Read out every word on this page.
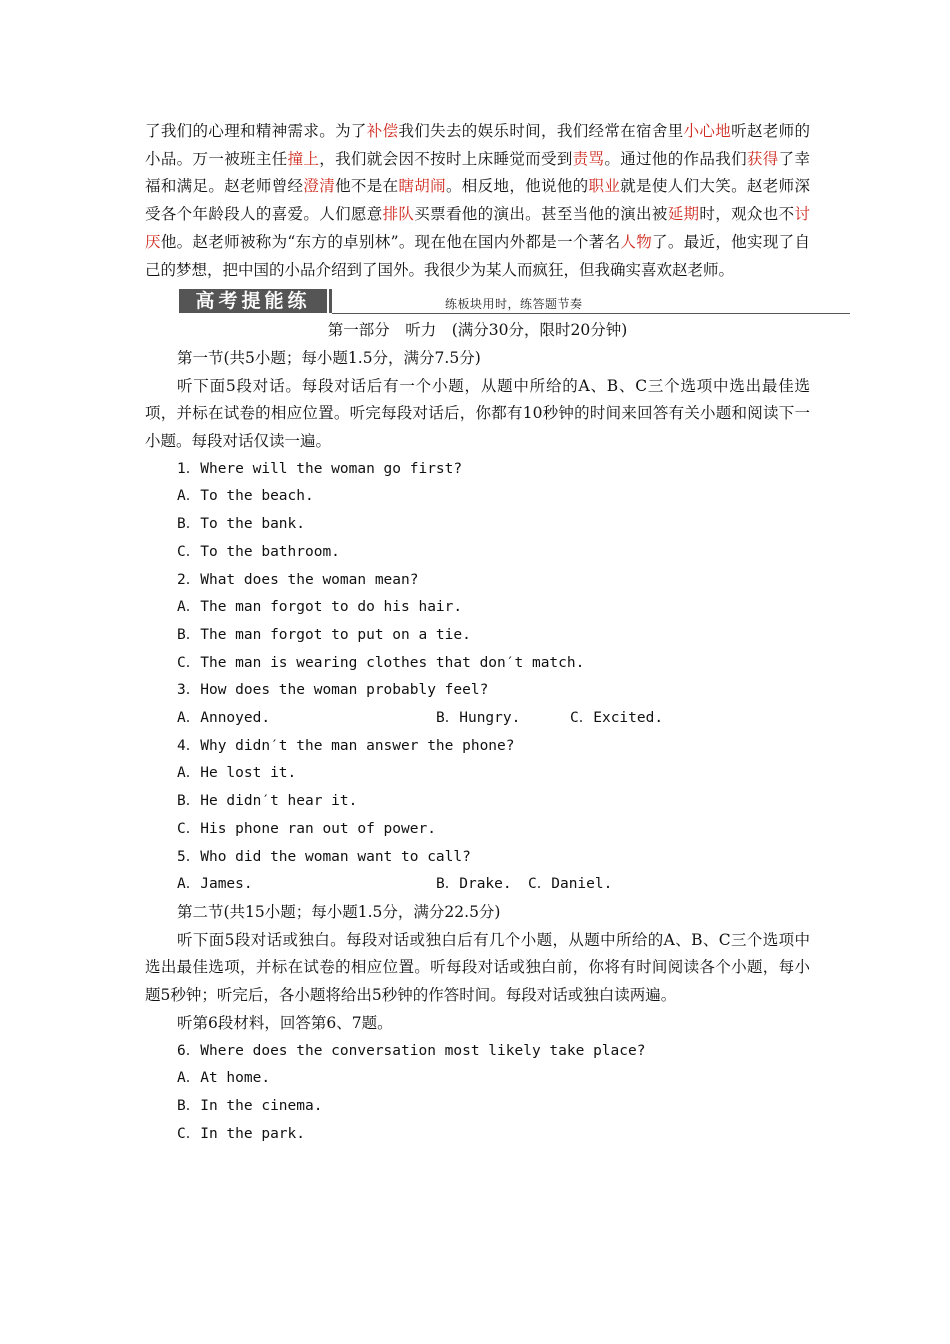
了我们的心理和精神需求。为了补偿我们失去的娱乐时间，我们经常在宿舍里小心地听赵老师的小品。万一被班主任撞上，我们就会因不按时上床睡觉而受到责骂。通过他的作品我们获得了幸福和满足。赵老师曾经澄清他不是在瞎胡闹。相反地，他说他的职业就是使人们大笑。赵老师深受各个年龄段人的喜爱。人们愿意排队买票看他的演出。甚至当他的演出被延期时，观众也不讨厌他。赵老师被称为“东方的卓别林”。现在他在国内外都是一个著名人物了。最近，他实现了自己的梦想，把中国的小品介绍到了国外。我很少为某人而疯狂，但我确实喜欢赵老师。

高考提能练	练板块用时，练答题节奏
第一部分　听力　(满分30分，限时20分钟)
第一节(共5小题；每小题1.5分，满分7.5分)

听下面5段对话。每段对话后有一个小题，从题中所给的A、B、C三个选项中选出最佳选项，并标在试卷的相应位置。听完每段对话后，你都有10秒钟的时间来回答有关小题和阅读下一小题。每段对话仅读一遍。

1．Where will the woman go first?
A．To the beach.
B．To the bank.
C．To the bathroom.
2．What does the woman mean?
A．The man forgot to do his hair.
B．The man forgot to put on a tie.
C．The man is wearing clothes that don′t match.
3．How does the woman probably feel?
A．Annoyed.	B．Hungry.	C．Excited.
4．Why didn′t the man answer the phone?
A．He lost it.
B．He didn′t hear it.
C．His phone ran out of power.
5．Who did the woman want to call?
A．James.	B．Drake. C．Daniel.
第二节(共15小题；每小题1.5分，满分22.5分)

听下面5段对话或独白。每段对话或独白后有几个小题，从题中所给的A、B、C三个选项中选出最佳选项，并标在试卷的相应位置。听每段对话或独白前，你将有时间阅读各个小题，每小题5秒钟；听完后，各小题将给出5秒钟的作答时间。每段对话或独白读两遍。

听第6段材料，回答第6、7题。
6．Where does the conversation most likely take place?
A．At home.
B．In the cinema.
C．In the park.
